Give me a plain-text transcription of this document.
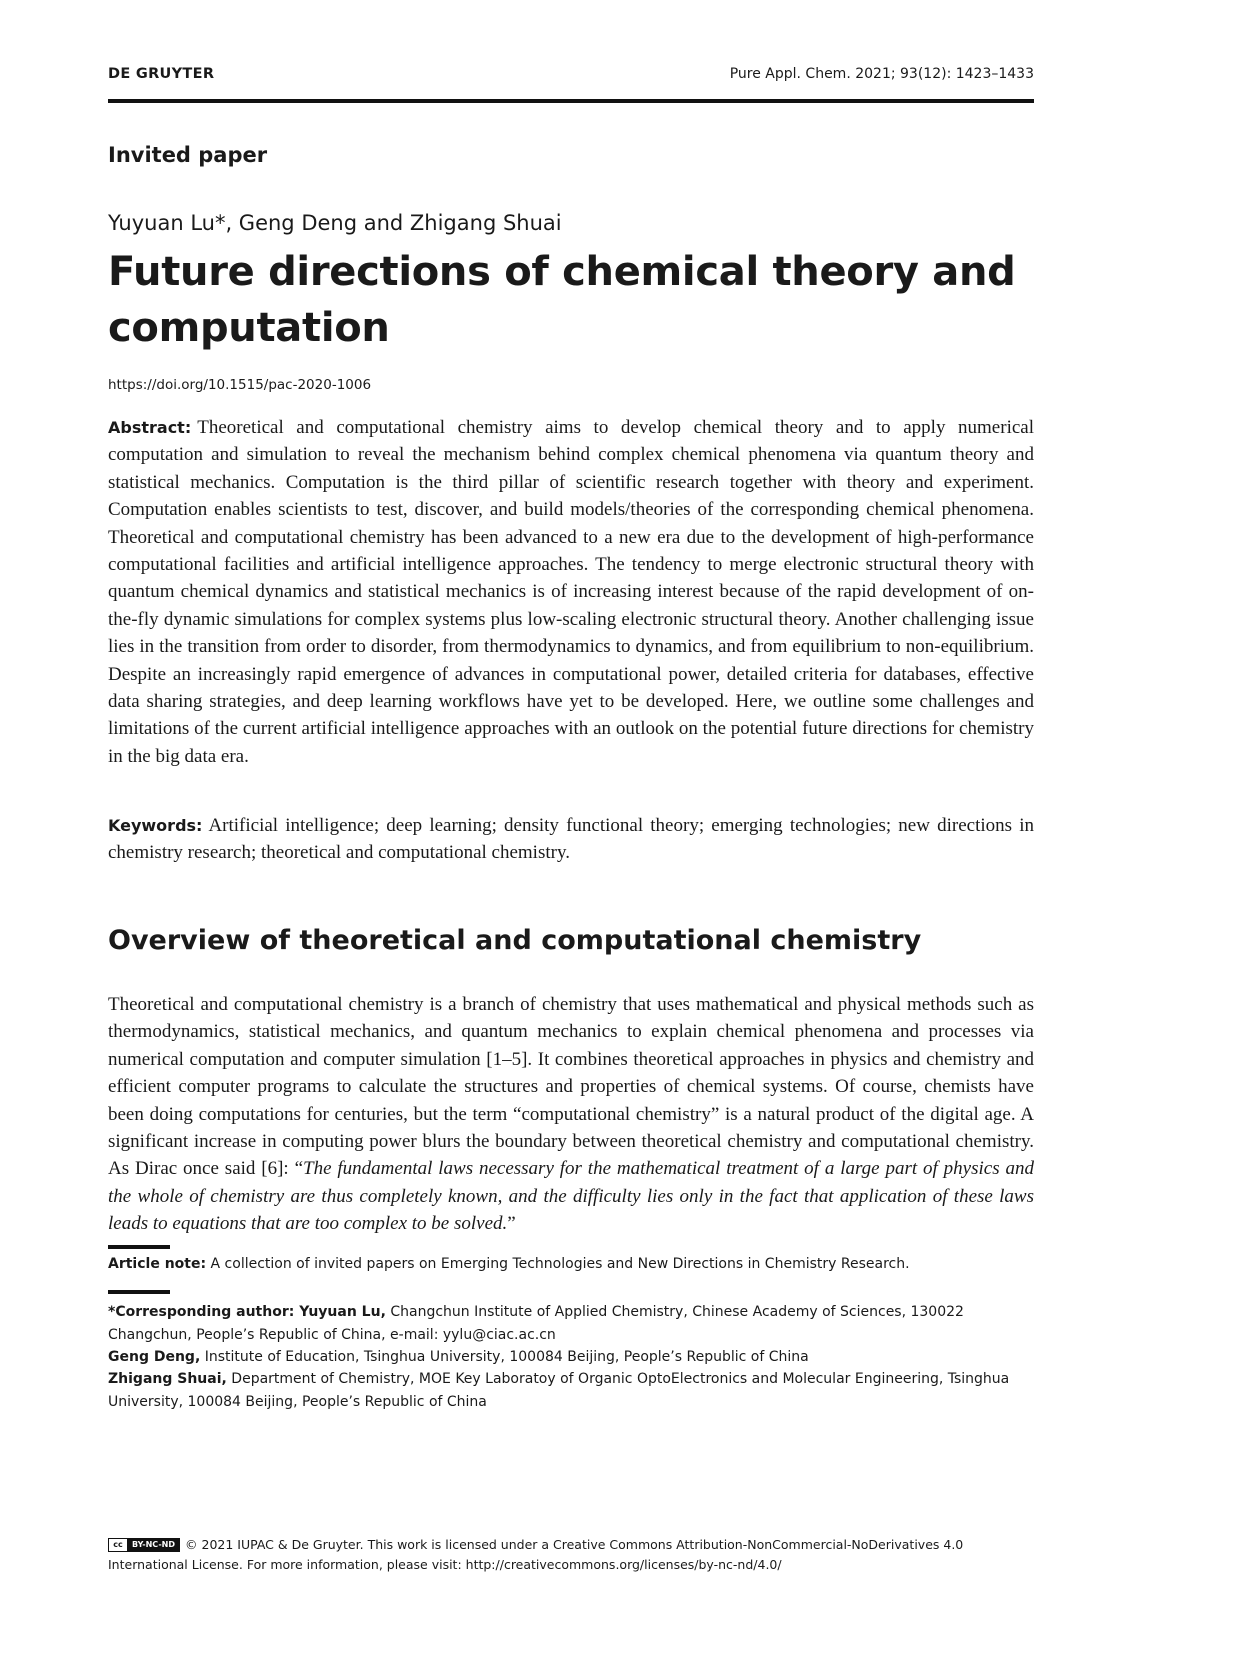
DE GRUYTER	Pure Appl. Chem. 2021; 93(12): 1423–1433
Invited paper
Yuyuan Lu*, Geng Deng and Zhigang Shuai
Future directions of chemical theory and computation
https://doi.org/10.1515/pac-2020-1006

Abstract: Theoretical and computational chemistry aims to develop chemical theory and to apply numerical computation and simulation to reveal the mechanism behind complex chemical phenomena via quantum theory and statistical mechanics. Computation is the third pillar of scientific research together with theory and experiment. Computation enables scientists to test, discover, and build models/theories of the corresponding chemical phenomena. Theoretical and computational chemistry has been advanced to a new era due to the development of high-performance computational facilities and artificial intelligence approaches. The tendency to merge electronic structural theory with quantum chemical dynamics and statistical mechanics is of increasing interest because of the rapid development of on-the-fly dynamic simulations for complex systems plus low-scaling electronic structural theory. Another challenging issue lies in the transition from order to disorder, from thermodynamics to dynamics, and from equilibrium to non-equilibrium. Despite an increasingly rapid emergence of advances in computational power, detailed criteria for databases, effective data sharing strategies, and deep learning workflows have yet to be developed. Here, we outline some challenges and limitations of the current artificial intelligence approaches with an outlook on the potential future directions for chemistry in the big data era.

Keywords: Artificial intelligence; deep learning; density functional theory; emerging technologies; new directions in chemistry research; theoretical and computational chemistry.

Overview of theoretical and computational chemistry

Theoretical and computational chemistry is a branch of chemistry that uses mathematical and physical methods such as thermodynamics, statistical mechanics, and quantum mechanics to explain chemical phenomena and processes via numerical computation and computer simulation [1–5]. It combines theoretical approaches in physics and chemistry and efficient computer programs to calculate the structures and properties of chemical systems. Of course, chemists have been doing computations for centuries, but the term “computational chemistry” is a natural product of the digital age. A significant increase in computing power blurs the boundary between theoretical chemistry and computational chemistry. As Dirac once said [6]: “The fundamental laws necessary for the mathematical treatment of a large part of physics and the whole of chemistry are thus completely known, and the difficulty lies only in the fact that application of these laws leads to equations that are too complex to be solved.”

Article note: A collection of invited papers on Emerging Technologies and New Directions in Chemistry Research.

*Corresponding author: Yuyuan Lu, Changchun Institute of Applied Chemistry, Chinese Academy of Sciences, 130022 Changchun, People’s Republic of China, e-mail: yylu@ciac.ac.cn

Geng Deng, Institute of Education, Tsinghua University, 100084 Beijing, People’s Republic of China

Zhigang Shuai, Department of Chemistry, MOE Key Laboratoy of Organic OptoElectronics and Molecular Engineering, Tsinghua University, 100084 Beijing, People’s Republic of China

cc BY-NC-ND © 2021 IUPAC & De Gruyter. This work is licensed under a Creative Commons Attribution-NonCommercial-NoDerivatives 4.0 International License. For more information, please visit: http://creativecommons.org/licenses/by-nc-nd/4.0/
